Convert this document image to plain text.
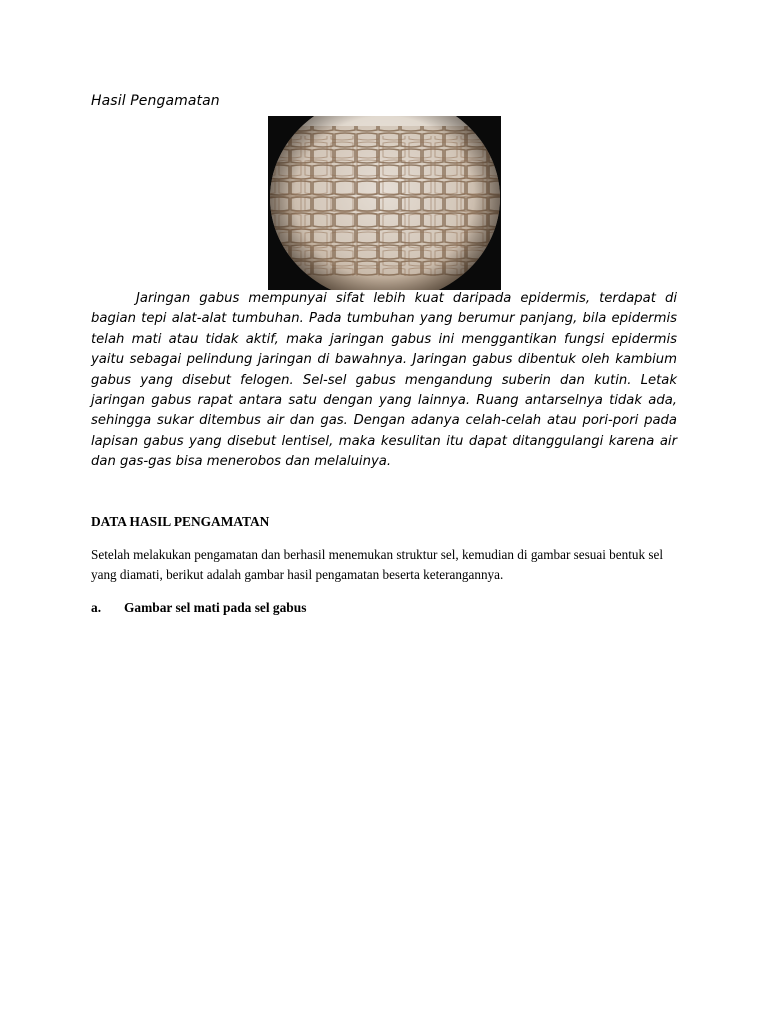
Hasil Pengamatan

Jaringan gabus mempunyai sifat lebih kuat daripada epidermis, terdapat di bagian tepi alat-alat tumbuhan. Pada tumbuhan yang berumur panjang, bila epidermis telah mati atau tidak aktif, maka jaringan gabus ini menggantikan fungsi epidermis yaitu sebagai pelindung jaringan di bawahnya. Jaringan gabus dibentuk oleh kambium gabus yang disebut felogen. Sel-sel gabus mengandung suberin dan kutin. Letak jaringan gabus rapat antara satu dengan yang lainnya. Ruang antarselnya tidak ada, sehingga sukar ditembus air dan gas. Dengan adanya celah-celah atau pori-pori pada lapisan gabus yang disebut lentisel, maka kesulitan itu dapat ditanggulangi karena air dan gas-gas bisa menerobos dan melaluinya.

DATA HASIL PENGAMATAN

Setelah melakukan pengamatan dan berhasil menemukan struktur sel, kemudian di gambar sesuai bentuk sel yang diamati, berikut adalah gambar hasil pengamatan beserta keterangannya.

a.	Gambar sel mati pada sel gabus
